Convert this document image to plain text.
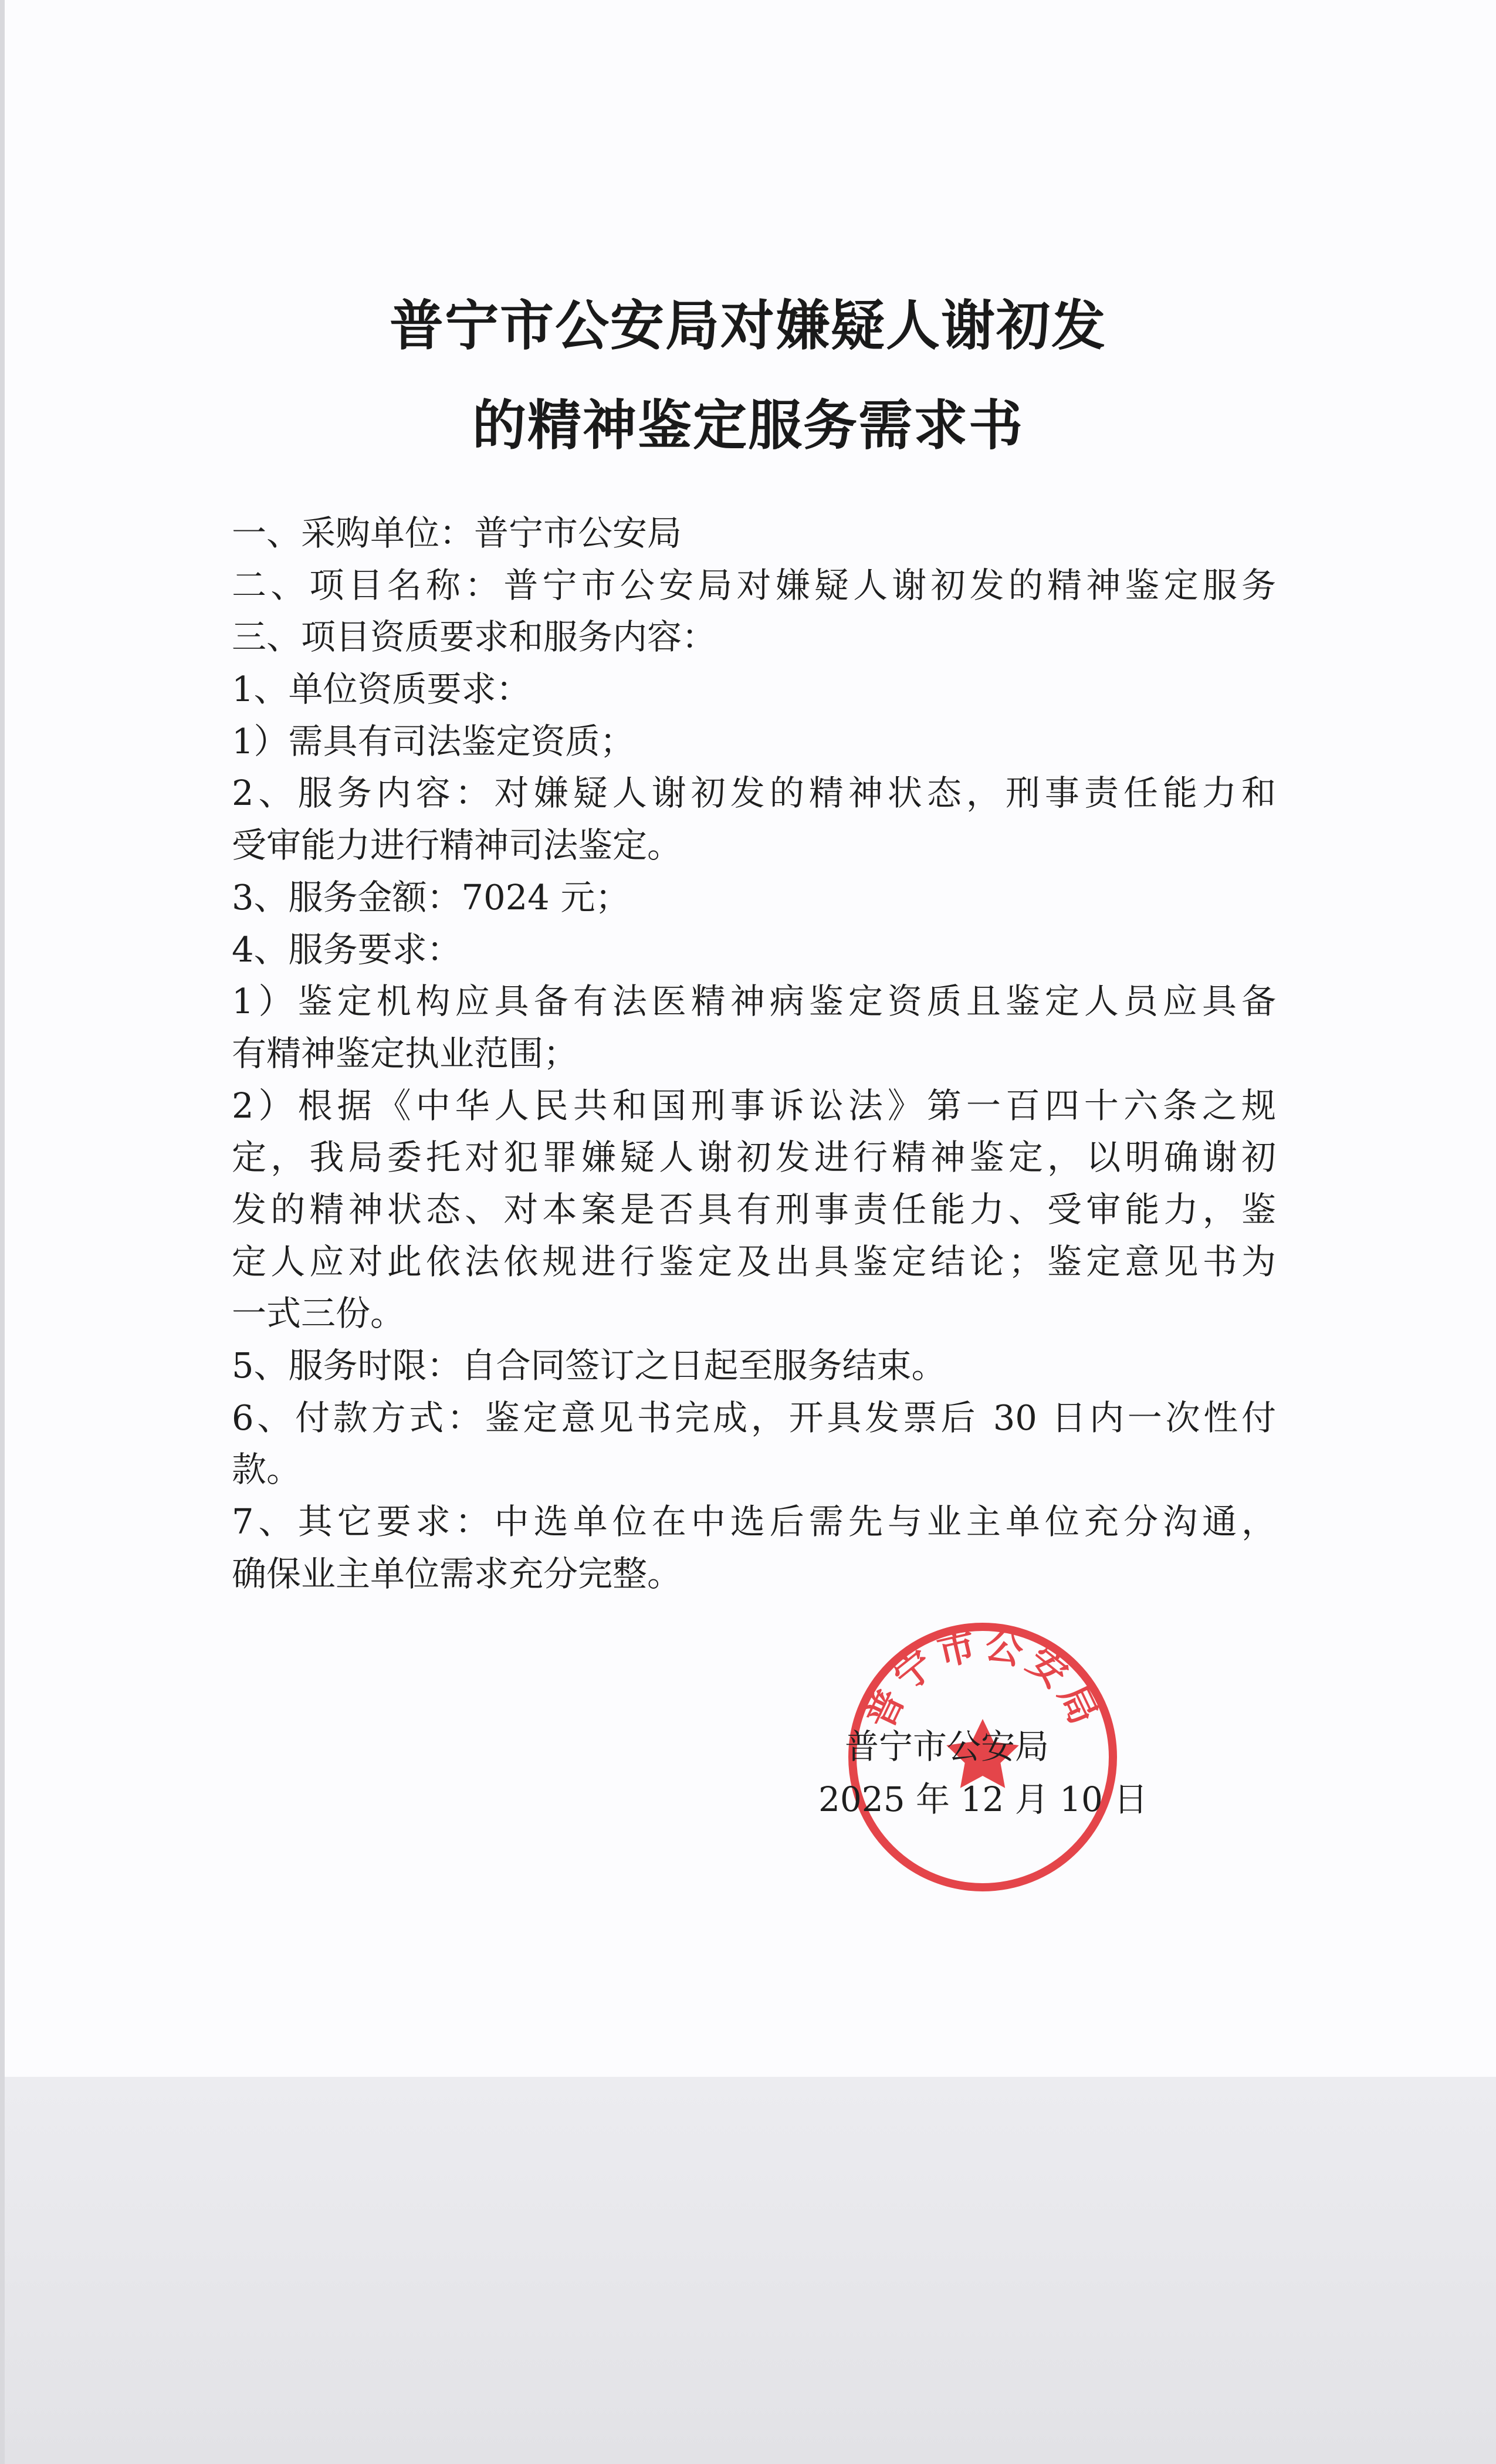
普宁市公安局对嫌疑人谢初发
的精神鉴定服务需求书
一、采购单位：普宁市公安局
二、项目名称：普宁市公安局对嫌疑人谢初发的精神鉴定服务
三、项目资质要求和服务内容：
1、单位资质要求：
1）需具有司法鉴定资质；
2、服务内容：对嫌疑人谢初发的精神状态，刑事责任能力和
受审能力进行精神司法鉴定。
3、服务金额：7024 元；
4、服务要求：
1）鉴定机构应具备有法医精神病鉴定资质且鉴定人员应具备
有精神鉴定执业范围；
2）根据《中华人民共和国刑事诉讼法》第一百四十六条之规
定，我局委托对犯罪嫌疑人谢初发进行精神鉴定，以明确谢初
发的精神状态、对本案是否具有刑事责任能力、受审能力，鉴
定人应对此依法依规进行鉴定及出具鉴定结论；鉴定意见书为
一式三份。
5、服务时限：自合同签订之日起至服务结束。
6、付款方式：鉴定意见书完成，开具发票后 30 日内一次性付
款。
7、其它要求：中选单位在中选后需先与业主单位充分沟通，
确保业主单位需求充分完整。
普宁市公安局
普宁市公安局
2025 年 12 月 10 日
